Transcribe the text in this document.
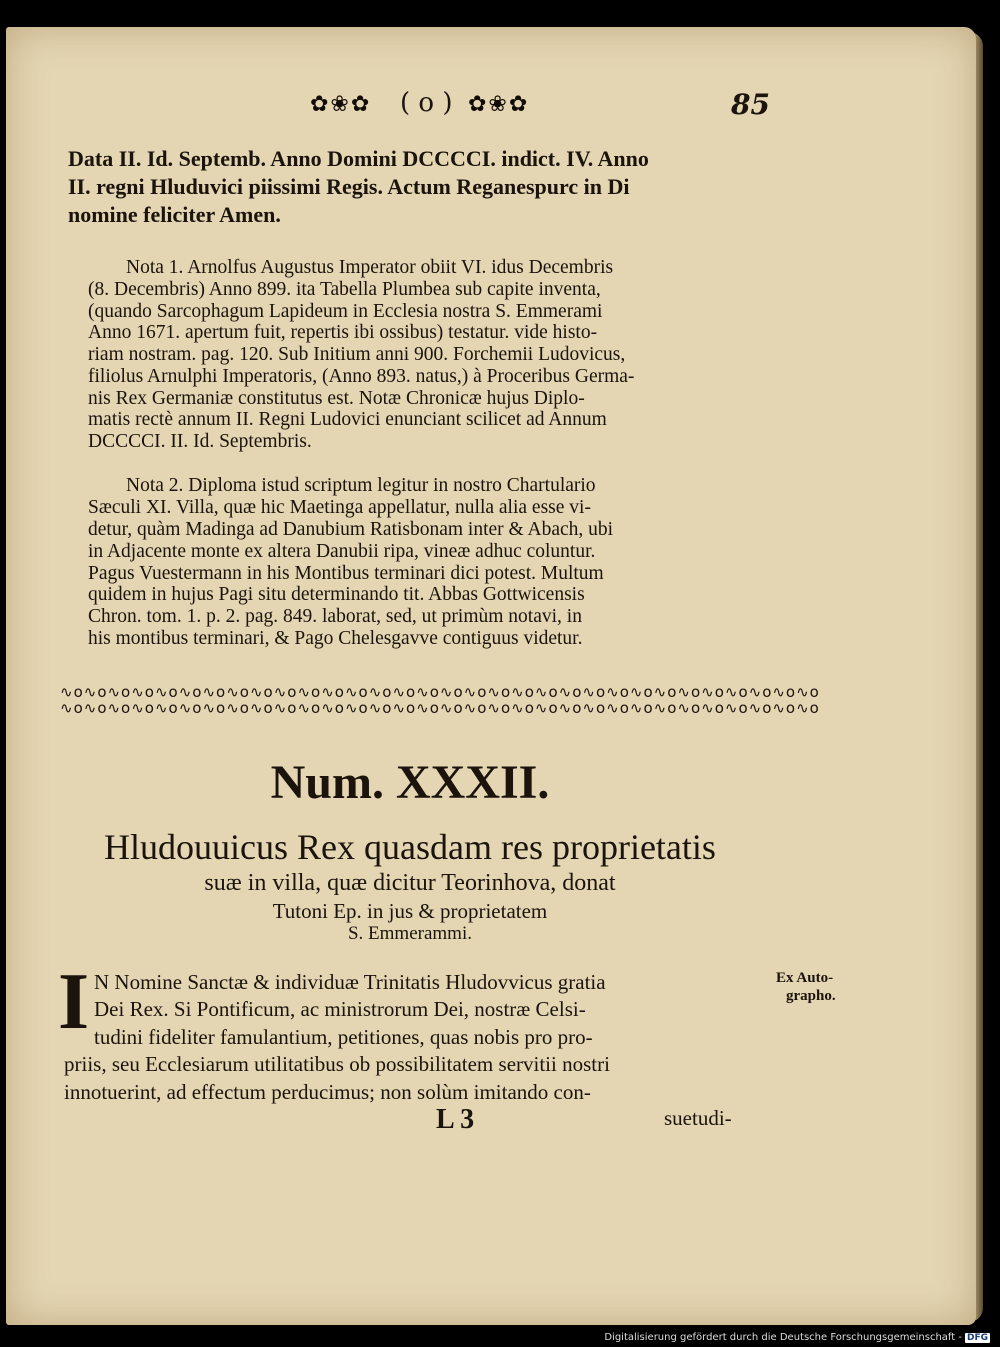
✿❀✿ ( o ) ✿❀✿	85
Data II. Id. Septemb. Anno Domini DCCCCI. indict. IV. Anno
II. regni Hluduvici piissimi Regis. Actum Reganespurc in Di
nomine feliciter Amen.
Nota 1. Arnolfus Augustus Imperator obiit VI. idus Decembris
(8. Decembris) Anno 899. ita Tabella Plumbea sub capite inventa,
(quando Sarcophagum Lapideum in Ecclesia nostra S. Emmerami
Anno 1671. apertum fuit, repertis ibi ossibus) testatur. vide histo-
riam nostram. pag. 120. Sub Initium anni 900. Forchemii Ludovicus,
filiolus Arnulphi Imperatoris, (Anno 893. natus,) à Proceribus Germa-
nis Rex Germaniæ constitutus est. Notæ Chronicæ hujus Diplo-
matis rectè annum II. Regni Ludovici enunciant scilicet ad Annum
DCCCCI. II. Id. Septembris.
Nota 2. Diploma istud scriptum legitur in nostro Chartulario
Sæculi XI. Villa, quæ hic Maetinga appellatur, nulla alia esse vi-
detur, quàm Madinga ad Danubium Ratisbonam inter & Abach, ubi
in Adjacente monte ex altera Danubii ripa, vineæ adhuc coluntur.
Pagus Vuestermann in his Montibus terminari dici potest. Multum
quidem in hujus Pagi situ determinando tit. Abbas Gottwicensis
Chron. tom. 1. p. 2. pag. 849. laborat, sed, ut primùm notavi, in
his montibus terminari, & Pago Chelesgavve contiguus videtur.
∿o∿o∿o∿o∿o∿o∿o∿o∿o∿o∿o∿o∿o∿o∿o∿o∿o∿o∿o∿o∿o∿o∿o∿o∿o∿o∿o∿o∿o∿o∿o∿o
∿o∿o∿o∿o∿o∿o∿o∿o∿o∿o∿o∿o∿o∿o∿o∿o∿o∿o∿o∿o∿o∿o∿o∿o∿o∿o∿o∿o∿o∿o∿o∿o
Num. XXXII.
Hludouuicus Rex quasdam res proprietatis
suæ in villa, quæ dicitur Teorinhova, donat
Tutoni Ep. in jus & proprietatem
S. Emmerammi.
I N Nomine Sanctæ & individuæ Trinitatis Hludovvicus gratia
Dei Rex. Si Pontificum, ac ministrorum Dei, nostræ Celsi-
tudini fideliter famulantium, petitiones, quas nobis pro pro-
priis, seu Ecclesiarum utilitatibus ob possibilitatem servitii nostri
innotuerint, ad effectum perducimus; non solùm imitando con-
Ex Auto-
grapho.
L 3	suetudi-
Digitalisierung gefördert durch die Deutsche Forschungsgemeinschaft - DFG
